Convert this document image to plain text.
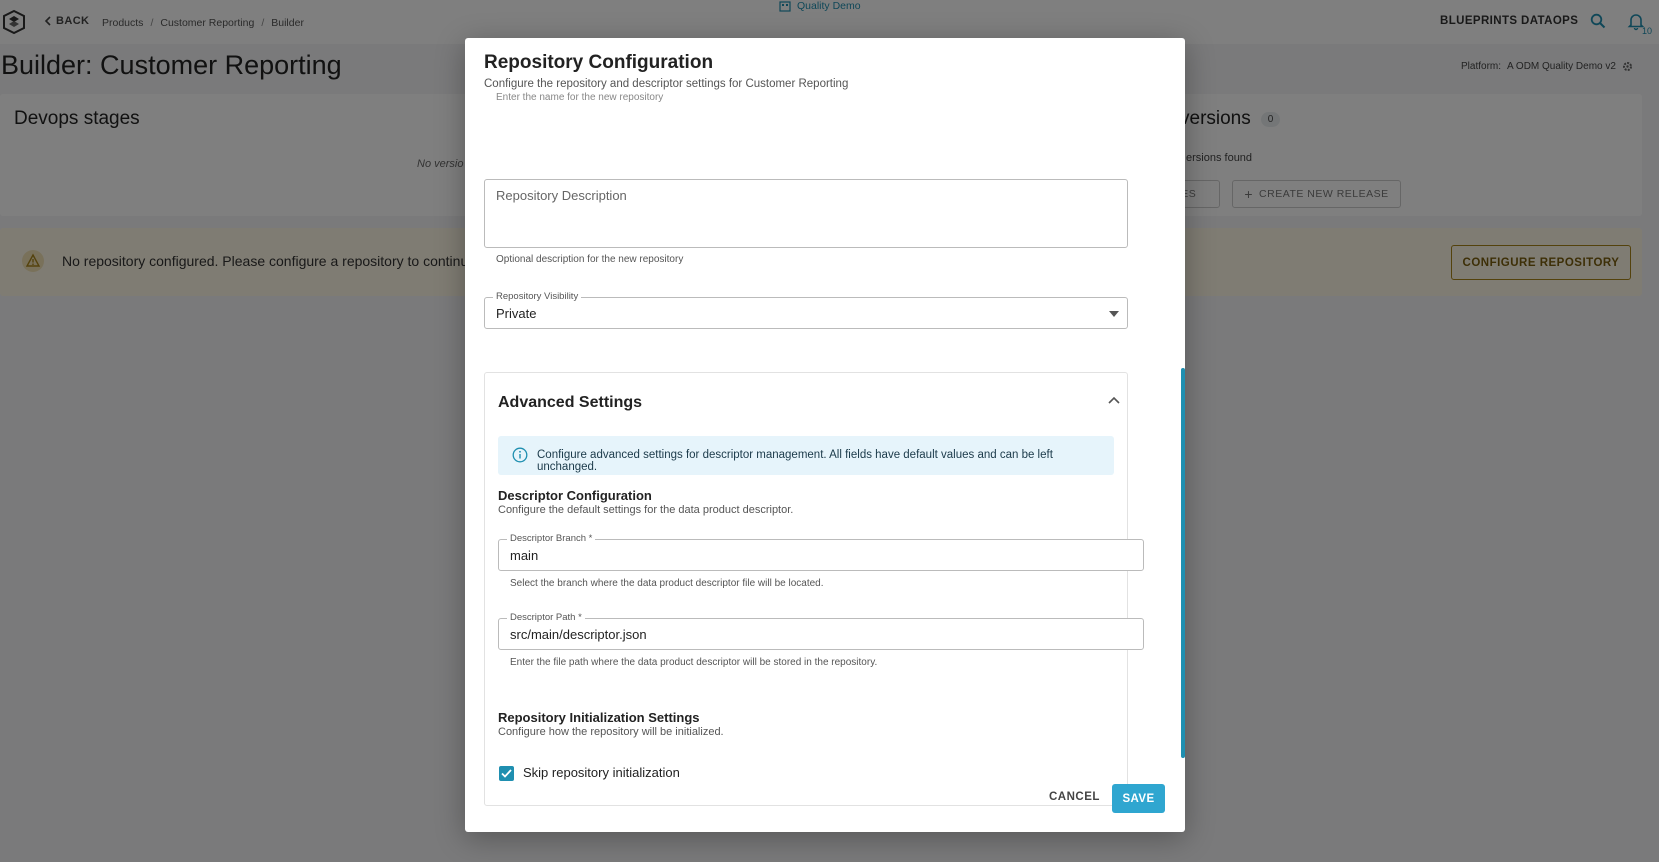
Repository Configuration
Configure the repository and descriptor settings for Customer Reporting
Enter the name for the new repository
Repository Description
Optional description for the new repository
Repository Visibility
Private
Advanced Settings
Configure advanced settings for descriptor management. All fields have default values and can be left unchanged.
Descriptor Configuration
Configure the default settings for the data product descriptor.
Descriptor Branch *
main
Select the branch where the data product descriptor file will be located.
Descriptor Path *
src/main/descriptor.json
Enter the file path where the data product descriptor will be stored in the repository.
Repository Initialization Settings
Configure how the repository will be initialized.
Skip repository initialization
CANCEL	SAVE
